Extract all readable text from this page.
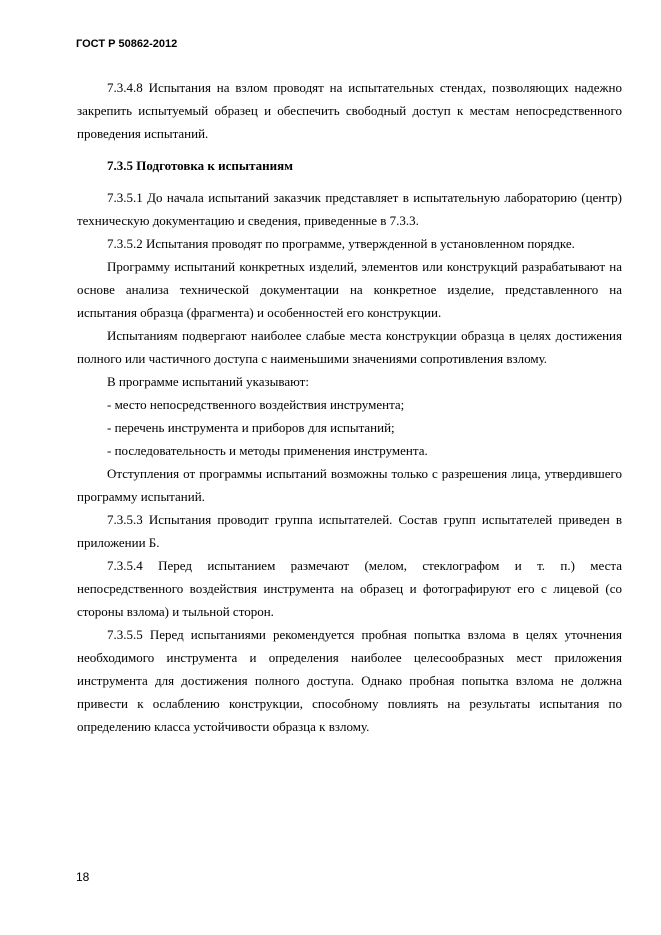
ГОСТ Р 50862-2012

7.3.4.8 Испытания на взлом проводят на испытательных стендах, позволяющих надежно закрепить испытуемый образец и обеспечить свободный доступ к местам непосредственного проведения испытаний.

7.3.5 Подготовка к испытаниям

7.3.5.1 До начала испытаний заказчик представляет в испытательную лабораторию (центр) техническую документацию и сведения, приведенные в 7.3.3.

7.3.5.2 Испытания проводят по программе, утвержденной в установленном порядке.

Программу испытаний конкретных изделий, элементов или конструкций разрабатывают на основе анализа технической документации на конкретное изделие, представленного на испытания образца (фрагмента) и особенностей его конструкции.

Испытаниям подвергают наиболее слабые места конструкции образца в целях достижения полного или частичного доступа с наименьшими значениями сопротивления взлому.

В программе испытаний указывают:

- место непосредственного воздействия инструмента;

- перечень инструмента и приборов для испытаний;

- последовательность и методы применения инструмента.

Отступления от программы испытаний возможны только с разрешения лица, утвердившего программу испытаний.

7.3.5.3 Испытания проводит группа испытателей. Состав групп испытателей приведен в приложении Б.

7.3.5.4 Перед испытанием размечают (мелом, стеклографом и т. п.) места непосредственного воздействия инструмента на образец и фотографируют его с лицевой (со стороны взлома) и тыльной сторон.

7.3.5.5 Перед испытаниями рекомендуется пробная попытка взлома в целях уточнения необходимого инструмента и определения наиболее целесообразных мест приложения инструмента для достижения полного доступа. Однако пробная попытка взлома не должна привести к ослаблению конструкции, способному повлиять на результаты испытания по определению класса устойчивости образца к взлому.

18
